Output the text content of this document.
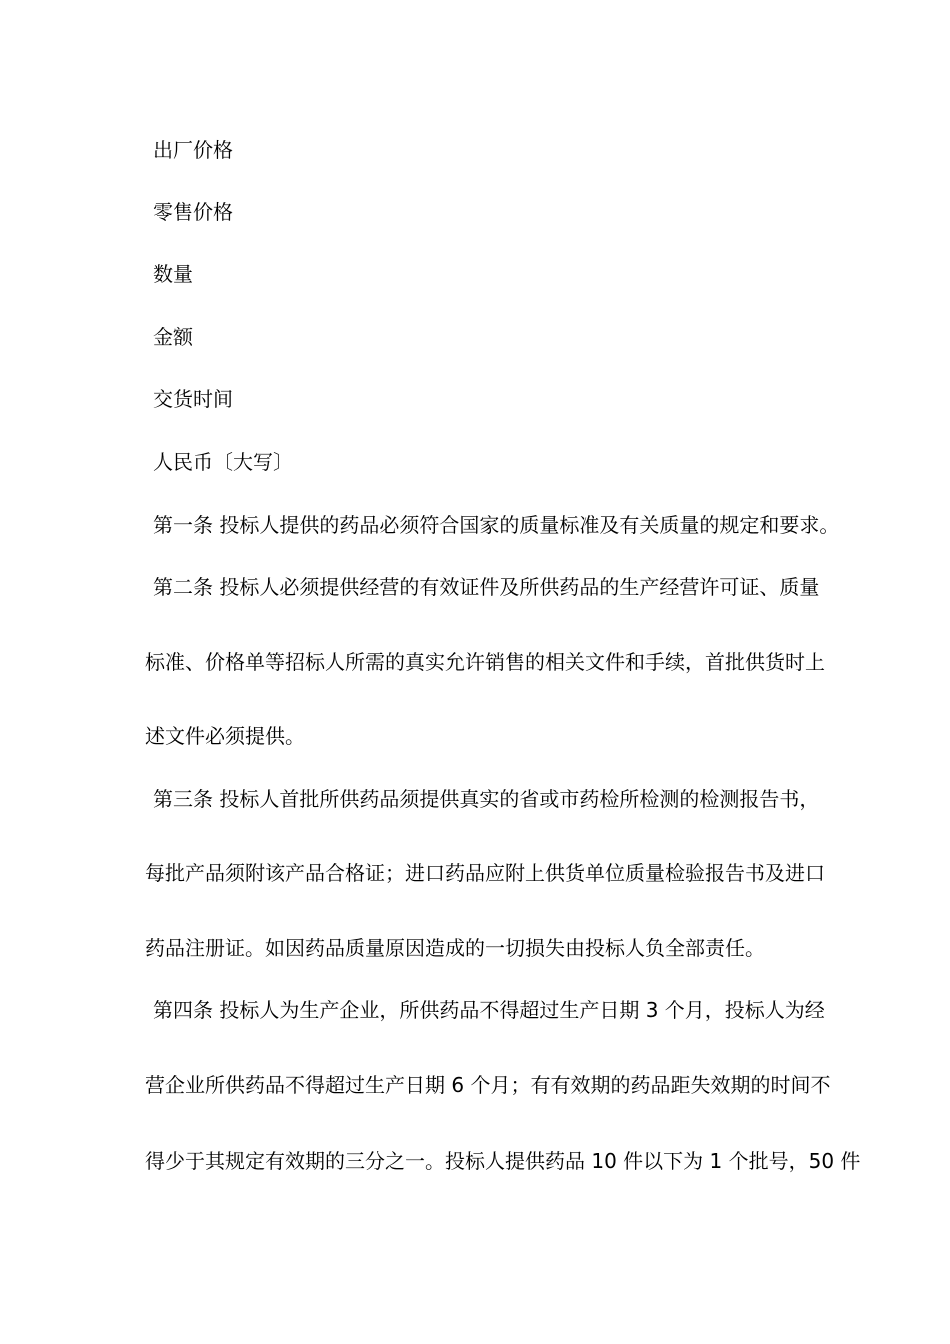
出厂价格
零售价格
数量
金额
交货时间
人民币〔大写〕
第一条 投标人提供的药品必须符合国家的质量标准及有关质量的规定和要求。
第二条 投标人必须提供经营的有效证件及所供药品的生产经营许可证、质量
标准、价格单等招标人所需的真实允许销售的相关文件和手续，首批供货时上
述文件必须提供。
第三条 投标人首批所供药品须提供真实的省或市药检所检测的检测报告书，
每批产品须附该产品合格证；进口药品应附上供货单位质量检验报告书及进口
药品注册证。如因药品质量原因造成的一切损失由投标人负全部责任。
第四条 投标人为生产企业，所供药品不得超过生产日期 3 个月，投标人为经
营企业所供药品不得超过生产日期 6 个月；有有效期的药品距失效期的时间不
得少于其规定有效期的三分之一。投标人提供药品 10 件以下为 1 个批号，50 件
